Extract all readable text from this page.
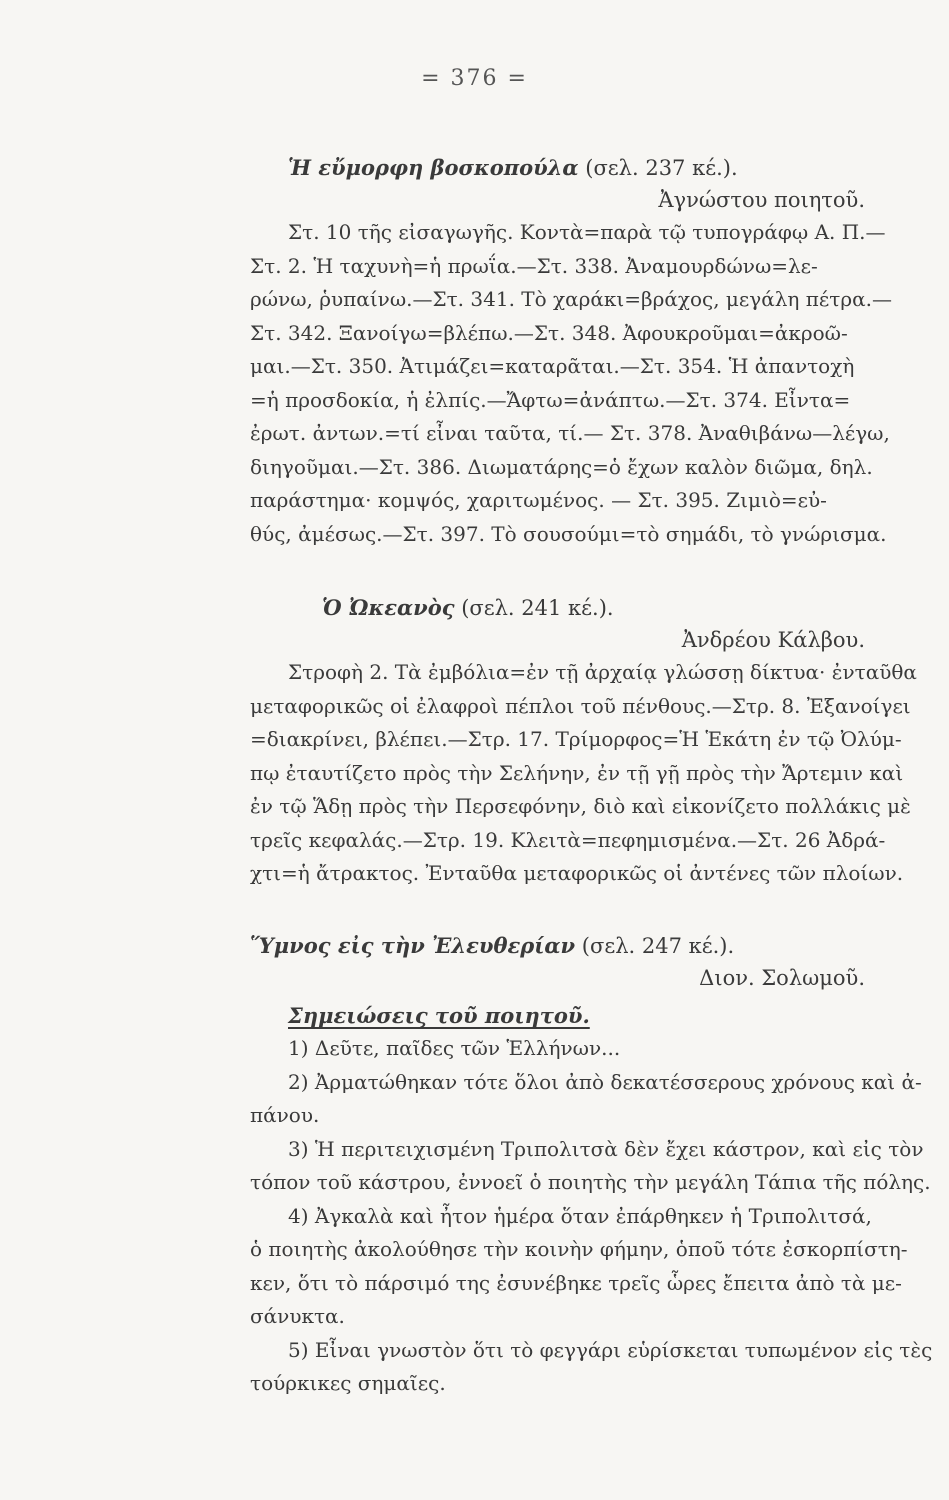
= 376 =

Ἡ εὔμορφη βοσκοπούλα (σελ. 237 κέ.).

Ἀγνώστου ποιητοῦ.

Στ. 10 τῆς εἰσαγωγῆς. Κοντὰ=παρὰ τῷ τυπογράφῳ Α. Π.—

Στ. 2. Ἡ ταχυνὴ=ἡ πρωΐα.—Στ. 338. Ἀναμουρδώνω=λε-

ρώνω, ῥυπαίνω.—Στ. 341. Τὸ χαράκι=βράχος, μεγάλη πέτρα.—

Στ. 342. Ξανοίγω=βλέπω.—Στ. 348. Ἀφουκροῦμαι=ἀκροῶ-

μαι.—Στ. 350. Ἀτιμάζει=καταρᾶται.—Στ. 354. Ἡ ἀπαντοχὴ

=ἡ προσδοκία, ἡ ἐλπίς.—Ἄφτω=ἀνάπτω.—Στ. 374. Εἶντα=

ἐρωτ. ἀντων.=τί εἶναι ταῦτα, τί.— Στ. 378. Ἀναθιβάνω—λέγω,

διηγοῦμαι.—Στ. 386. Διωματάρης=ὁ ἔχων καλὸν διῶμα, δηλ.

παράστημα· κομψός, χαριτωμένος. — Στ. 395. Ζιμιὸ=εὐ-

θύς, ἀμέσως.—Στ. 397. Τὸ σουσούμι=τὸ σημάδι, τὸ γνώρισμα.

Ὁ Ὠκεανὸς (σελ. 241 κέ.).

Ἀνδρέου Κάλβου.

Στροφὴ 2. Τὰ ἐμβόλια=ἐν τῇ ἀρχαίᾳ γλώσσῃ δίκτυα· ἐνταῦθα

μεταφορικῶς οἱ ἐλαφροὶ πέπλοι τοῦ πένθους.—Στρ. 8. Ἐξανοίγει

=διακρίνει, βλέπει.—Στρ. 17. Τρίμορφος=Ἡ Ἑκάτη ἐν τῷ Ὀλύμ-

πῳ ἐταυτίζετο πρὸς τὴν Σελήνην, ἐν τῇ γῇ πρὸς τὴν Ἄρτεμιν καὶ

ἐν τῷ Ἅδῃ πρὸς τὴν Περσεφόνην, διὸ καὶ εἰκονίζετο πολλάκις μὲ

τρεῖς κεφαλάς.—Στρ. 19. Κλειτὰ=πεφημισμένα.—Στ. 26 Ἀδρά-

χτι=ἡ ἄτρακτος. Ἐνταῦθα μεταφορικῶς οἱ ἀντένες τῶν πλοίων.

Ὕμνος εἰς τὴν Ἐλευθερίαν (σελ. 247 κέ.).

Διον. Σολωμοῦ.

Σημειώσεις τοῦ ποιητοῦ.

1) Δεῦτε, παῖδες τῶν Ἑλλήνων...

2) Ἀρματώθηκαν τότε ὅλοι ἀπὸ δεκατέσσερους χρόνους καὶ ἀ-

πάνου.

3) Ἡ περιτειχισμένη Τριπολιτσὰ δὲν ἔχει κάστρον, καὶ εἰς τὸν

τόπον τοῦ κάστρου, ἐννοεῖ ὁ ποιητὴς τὴν μεγάλη Τάπια τῆς πόλης.

4) Ἀγκαλὰ καὶ ἦτον ἡμέρα ὅταν ἐπάρθηκεν ἡ Τριπολιτσά,

ὁ ποιητὴς ἀκολούθησε τὴν κοινὴν φήμην, ὁποῦ τότε ἐσκορπίστη-

κεν, ὅτι τὸ πάρσιμό της ἐσυνέβηκε τρεῖς ὧρες ἔπειτα ἀπὸ τὰ με-

σάνυκτα.

5) Εἶναι γνωστὸν ὅτι τὸ φεγγάρι εὑρίσκεται τυπωμένον εἰς τὲς

τούρκικες σημαῖες.
